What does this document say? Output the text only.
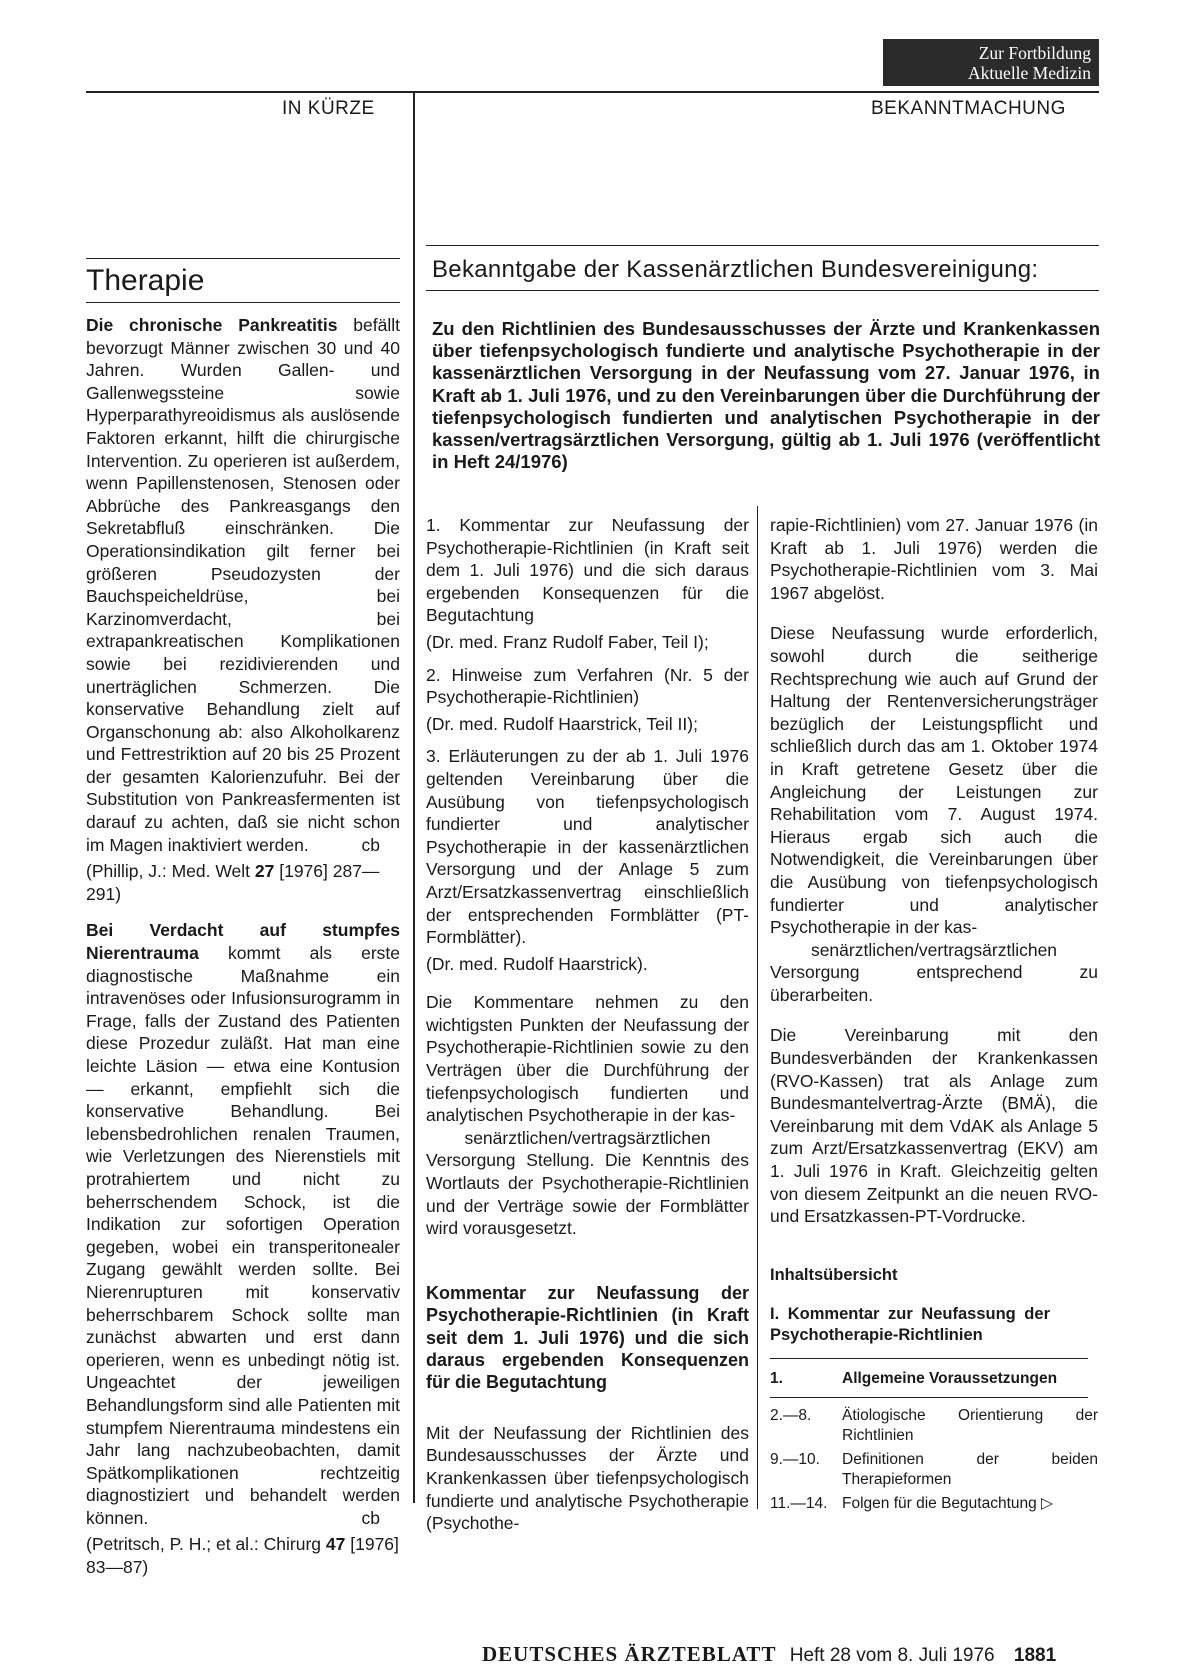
Zur Fortbildung
Aktuelle Medizin
IN KÜRZE	BEKANNTMACHUNG
Therapie

Die chronische Pankreatitis befällt bevorzugt Männer zwischen 30 und 40 Jahren. Wurden Gallen- und Gallenwegssteine sowie Hyperparathyreoidismus als auslösende Faktoren erkannt, hilft die chirurgische Intervention. Zu operieren ist außerdem, wenn Papillenstenosen, Stenosen oder Abbrüche des Pankreasgangs den Sekretabfluß einschränken. Die Operationsindikation gilt ferner bei größeren Pseudozysten der Bauchspeicheldrüse, bei Karzinomverdacht, bei extrapankreatischen Komplikationen sowie bei rezidivierenden und unerträglichen Schmerzen. Die konservative Behandlung zielt auf Organschonung ab: also Alkoholkarenz und Fettrestriktion auf 20 bis 25 Prozent der gesamten Kalorienzufuhr. Bei der Substitution von Pankreasfermenten ist darauf zu achten, daß sie nicht schon im Magen inaktiviert werden.	cb

(Phillip, J.: Med. Welt 27 [1976] 287—291)

Bei Verdacht auf stumpfes Nierentrauma kommt als erste diagnostische Maßnahme ein intravenöses oder Infusionsurogramm in Frage, falls der Zustand des Patienten diese Prozedur zuläßt. Hat man eine leichte Läsion — etwa eine Kontusion — erkannt, empfiehlt sich die konservative Behandlung. Bei lebensbedrohlichen renalen Traumen, wie Verletzungen des Nierenstiels mit protrahiertem und nicht zu beherrschendem Schock, ist die Indikation zur sofortigen Operation gegeben, wobei ein transperitonealer Zugang gewählt werden sollte. Bei Nierenrupturen mit konservativ beherrschbarem Schock sollte man zunächst abwarten und erst dann operieren, wenn es unbedingt nötig ist. Ungeachtet der jeweiligen Behandlungsform sind alle Patienten mit stumpfem Nierentrauma mindestens ein Jahr lang nachzubeobachten, damit Spätkomplikationen rechtzeitig diagnostiziert und behandelt werden können.	cb

(Petritsch, P. H.; et al.: Chirurg 47 [1976] 83—87)

Bekanntgabe der Kassenärztlichen Bundesvereinigung:
Zu den Richtlinien des Bundesausschusses der Ärzte und Krankenkassen über tiefenpsychologisch fundierte und analytische Psychotherapie in der kassenärztlichen Versorgung in der Neufassung vom 27. Januar 1976, in Kraft ab 1. Juli 1976, und zu den Vereinbarungen über die Durchführung der tiefenpsychologisch fundierten und analytischen Psychotherapie in der kassen/vertragsärztlichen Versorgung, gültig ab 1. Juli 1976 (veröffentlicht in Heft 24/1976)

1. Kommentar zur Neufassung der Psychotherapie-Richtlinien (in Kraft seit dem 1. Juli 1976) und die sich daraus ergebenden Konsequenzen für die Begutachtung

(Dr. med. Franz Rudolf Faber, Teil I);

2. Hinweise zum Verfahren (Nr. 5 der Psychotherapie-Richtlinien)

(Dr. med. Rudolf Haarstrick, Teil II);

3. Erläuterungen zu der ab 1. Juli 1976 geltenden Vereinbarung über die Ausübung von tiefenpsychologisch fundierter und analytischer Psychotherapie in der kassenärztlichen Versorgung und der Anlage 5 zum Arzt/Ersatzkassenvertrag einschließlich der entsprechenden Formblätter (PT-Formblätter).

(Dr. med. Rudolf Haarstrick).

Die Kommentare nehmen zu den wichtigsten Punkten der Neufassung der Psychotherapie-Richtlinien sowie zu den Verträgen über die Durchführung der tiefenpsychologisch fundierten und analytischen Psychotherapie in der kas-

senärztlichen/vertragsärztlichen
Versorgung Stellung. Die Kenntnis des Wortlauts der Psychotherapie-Richtlinien und der Verträge sowie der Formblätter wird vorausgesetzt.

Kommentar zur Neufassung der Psychotherapie-Richtlinien (in Kraft seit dem 1. Juli 1976) und die sich daraus ergebenden Konsequenzen für die Begutachtung

Mit der Neufassung der Richtlinien des Bundesausschusses der Ärzte und Krankenkassen über tiefenpsychologisch fundierte und analytische Psychotherapie (Psychothe-

rapie-Richtlinien) vom 27. Januar 1976 (in Kraft ab 1. Juli 1976) werden die Psychotherapie-Richtlinien vom 3. Mai 1967 abgelöst.

Diese Neufassung wurde erforderlich, sowohl durch die seitherige Rechtsprechung wie auch auf Grund der Haltung der Rentenversicherungsträger bezüglich der Leistungspflicht und schließlich durch das am 1. Oktober 1974 in Kraft getretene Gesetz über die Angleichung der Leistungen zur Rehabilitation vom 7. August 1974. Hieraus ergab sich auch die Notwendigkeit, die Vereinbarungen über die Ausübung von tiefenpsychologisch fundierter und analytischer Psychotherapie in der kas-

senärztlichen/vertragsärztlichen
Versorgung entsprechend zu überarbeiten.

Die Vereinbarung mit den Bundesverbänden der Krankenkassen (RVO-Kassen) trat als Anlage zum Bundesmantelvertrag-Ärzte (BMÄ), die Vereinbarung mit dem VdAK als Anlage 5 zum Arzt/Ersatzkassenvertrag (EKV) am 1. Juli 1976 in Kraft. Gleichzeitig gelten von diesem Zeitpunkt an die neuen RVO- und Ersatzkassen-PT-Vordrucke.

Inhaltsübersicht
I. Kommentar zur Neufassung der Psychotherapie-Richtlinien
1.	Allgemeine Voraussetzungen
2.—8.	Ätiologische Orientierung der Richtlinien
9.—10.	Definitionen der beiden Therapieformen
11.—14. Folgen für die Begutachtung ▷
DEUTSCHES ÄRZTEBLATT Heft 28 vom 8. Juli 1976 1881
